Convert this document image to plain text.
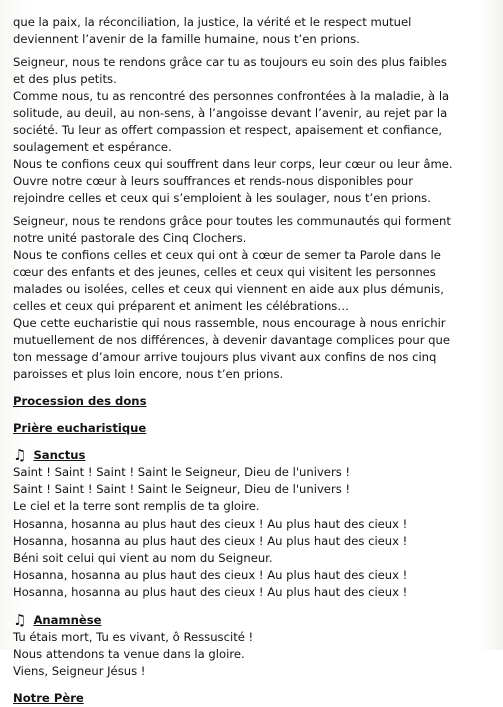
que la paix, la réconciliation, la justice, la vérité et le respect mutuel

deviennent l’avenir de la famille humaine, nous t’en prions.

Seigneur, nous te rendons grâce car tu as toujours eu soin des plus faibles

et des plus petits.

Comme nous, tu as rencontré des personnes confrontées à la maladie, à la

solitude, au deuil, au non-sens, à l’angoisse devant l’avenir, au rejet par la

société. Tu leur as offert compassion et respect, apaisement et confiance,

soulagement et espérance.

Nous te confions ceux qui souffrent dans leur corps, leur cœur ou leur âme.

Ouvre notre cœur à leurs souffrances et rends-nous disponibles pour

rejoindre celles et ceux qui s’emploient à les soulager, nous t’en prions.

Seigneur, nous te rendons grâce pour toutes les communautés qui forment

notre unité pastorale des Cinq Clochers.

Nous te confions celles et ceux qui ont à cœur de semer ta Parole dans le

cœur des enfants et des jeunes, celles et ceux qui visitent les personnes

malades ou isolées, celles et ceux qui viennent en aide aux plus démunis,

celles et ceux qui préparent et animent les célébrations…

Que cette eucharistie qui nous rassemble, nous encourage à nous enrichir

mutuellement de nos différences, à devenir davantage complices pour que

ton message d’amour arrive toujours plus vivant aux confins de nos cinq

paroisses et plus loin encore, nous t’en prions.

Procession des dons

Prière eucharistique

♫ Sanctus

Saint ! Saint ! Saint ! Saint le Seigneur, Dieu de l'univers !

Saint ! Saint ! Saint ! Saint le Seigneur, Dieu de l'univers !

Le ciel et la terre sont remplis de ta gloire.

Hosanna, hosanna au plus haut des cieux ! Au plus haut des cieux !

Hosanna, hosanna au plus haut des cieux ! Au plus haut des cieux !

Béni soit celui qui vient au nom du Seigneur.

Hosanna, hosanna au plus haut des cieux ! Au plus haut des cieux !

Hosanna, hosanna au plus haut des cieux ! Au plus haut des cieux !

♫ Anamnèse

Tu étais mort, Tu es vivant, ô Ressuscité !

Nous attendons ta venue dans la gloire.

Viens, Seigneur Jésus !

Notre Père
